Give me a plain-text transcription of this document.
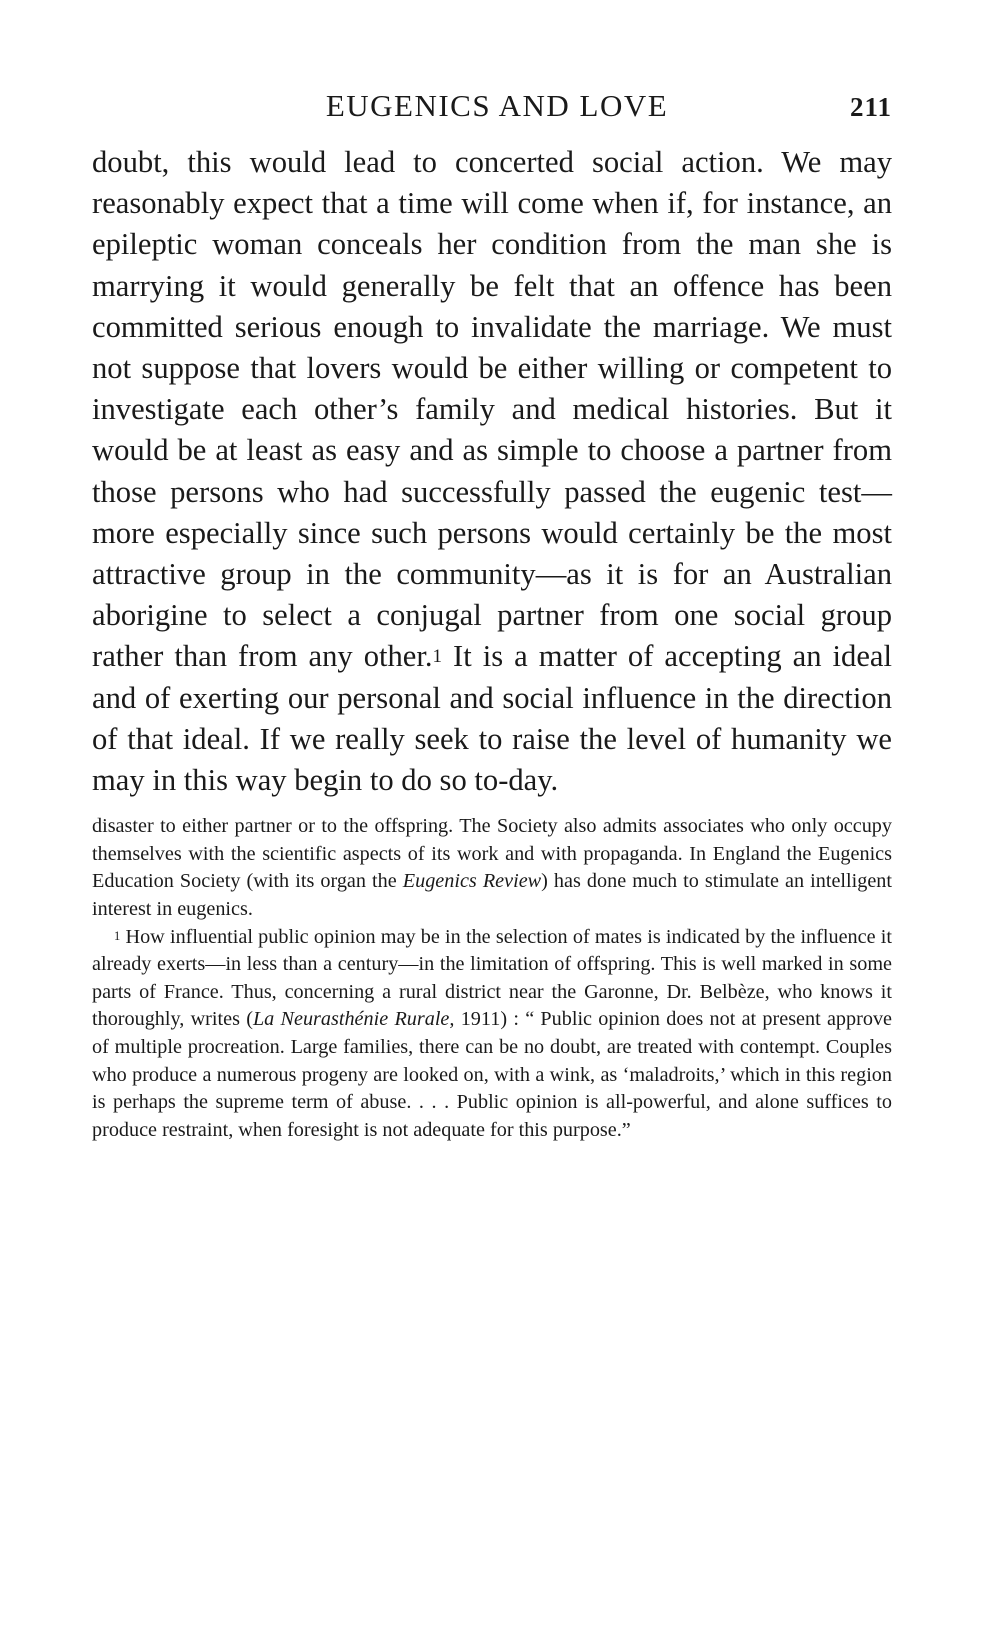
EUGENICS AND LOVE	211

doubt, this would lead to concerted social action. We may reasonably expect that a time will come when if, for instance, an epileptic woman conceals her condition from the man she is marrying it would generally be felt that an offence has been committed serious enough to invalidate the marriage. We must not suppose that lovers would be either willing or competent to investigate each other’s family and medical histories. But it would be at least as easy and as simple to choose a partner from those persons who had successfully passed the eugenic test—more especially since such persons would certainly be the most attractive group in the community—as it is for an Australian aborigine to select a conjugal partner from one social group rather than from any other.$^1$ It is a matter of accepting an ideal and of exerting our personal and social influence in the direction of that ideal. If we really seek to raise the level of humanity we may in this way begin to do so to-day.

disaster to either partner or to the offspring. The Society also admits associates who only occupy themselves with the scientific aspects of its work and with propaganda. In England the Eugenics Education Society (with its organ the Eugenics Review) has done much to stimulate an intelligent interest in eugenics.

$^1$ How influential public opinion may be in the selection of mates is indicated by the influence it already exerts—in less than a century—in the limitation of offspring. This is well marked in some parts of France. Thus, concerning a rural district near the Garonne, Dr. Belbèze, who knows it thoroughly, writes (La Neurasthénie Rurale, 1911) : “ Public opinion does not at present approve of multiple procreation. Large families, there can be no doubt, are treated with contempt. Couples who produce a numerous progeny are looked on, with a wink, as ‘maladroits,’ which in this region is perhaps the supreme term of abuse. . . . Public opinion is all-powerful, and alone suffices to produce restraint, when foresight is not adequate for this purpose.”
